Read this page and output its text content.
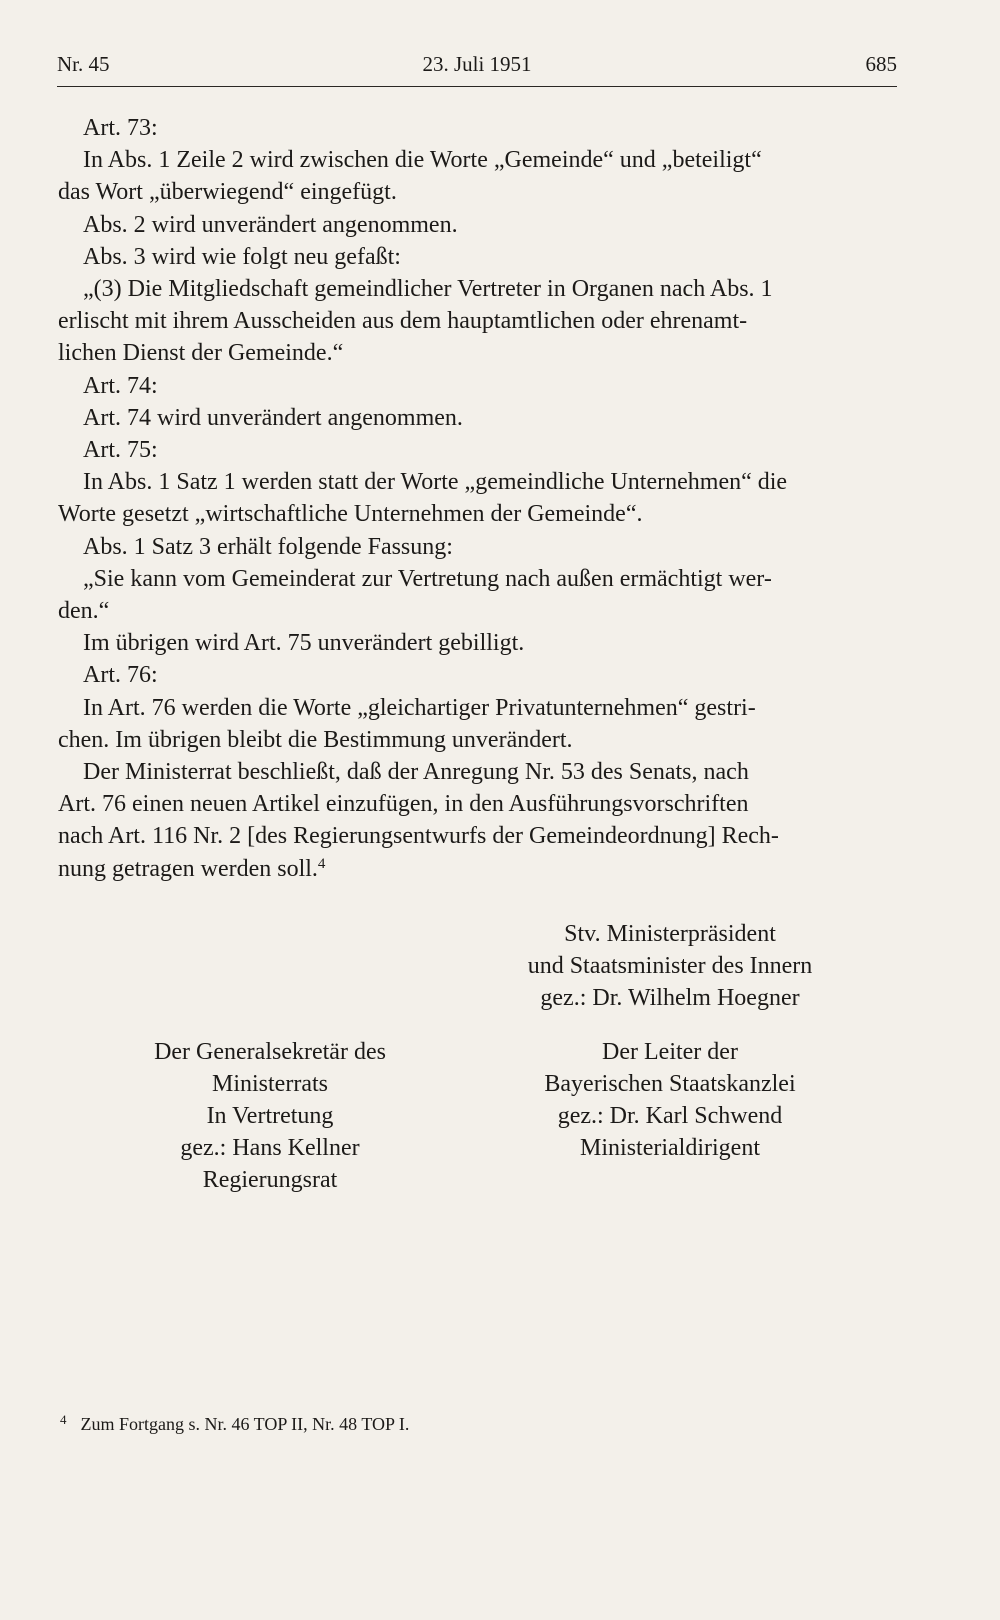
Nr. 45	23. Juli 1951	685

Art. 73:

In Abs. 1 Zeile 2 wird zwischen die Worte „Gemeinde“ und „beteiligt“

das Wort „überwiegend“ eingefügt.

Abs. 2 wird unverändert angenommen.

Abs. 3 wird wie folgt neu gefaßt:

„(3) Die Mitgliedschaft gemeindlicher Vertreter in Organen nach Abs. 1

erlischt mit ihrem Ausscheiden aus dem hauptamtlichen oder ehrenamt-

lichen Dienst der Gemeinde.“

Art. 74:

Art. 74 wird unverändert angenommen.

Art. 75:

In Abs. 1 Satz 1 werden statt der Worte „gemeindliche Unternehmen“ die

Worte gesetzt „wirtschaftliche Unternehmen der Gemeinde“.

Abs. 1 Satz 3 erhält folgende Fassung:

„Sie kann vom Gemeinderat zur Vertretung nach außen ermächtigt wer-

den.“

Im übrigen wird Art. 75 unverändert gebilligt.

Art. 76:

In Art. 76 werden die Worte „gleichartiger Privatunternehmen“ gestri-

chen. Im übrigen bleibt die Bestimmung unverändert.

Der Ministerrat beschließt, daß der Anregung Nr. 53 des Senats, nach

Art. 76 einen neuen Artikel einzufügen, in den Ausführungsvorschriften

nach Art. 116 Nr. 2 [des Regierungsentwurfs der Gemeindeordnung] Rech-

nung getragen werden soll.$^4$

Stv. Ministerpräsident
und Staatsminister des Innern
gez.: Dr. Wilhelm Hoegner
Der Generalsekretär des
Ministerrats
In Vertretung
gez.: Hans Kellner
Regierungsrat
Der Leiter der
Bayerischen Staatskanzlei
gez.: Dr. Karl Schwend
Ministerialdirigent
$^4$ Zum Fortgang s. Nr. 46 TOP II, Nr. 48 TOP I.
